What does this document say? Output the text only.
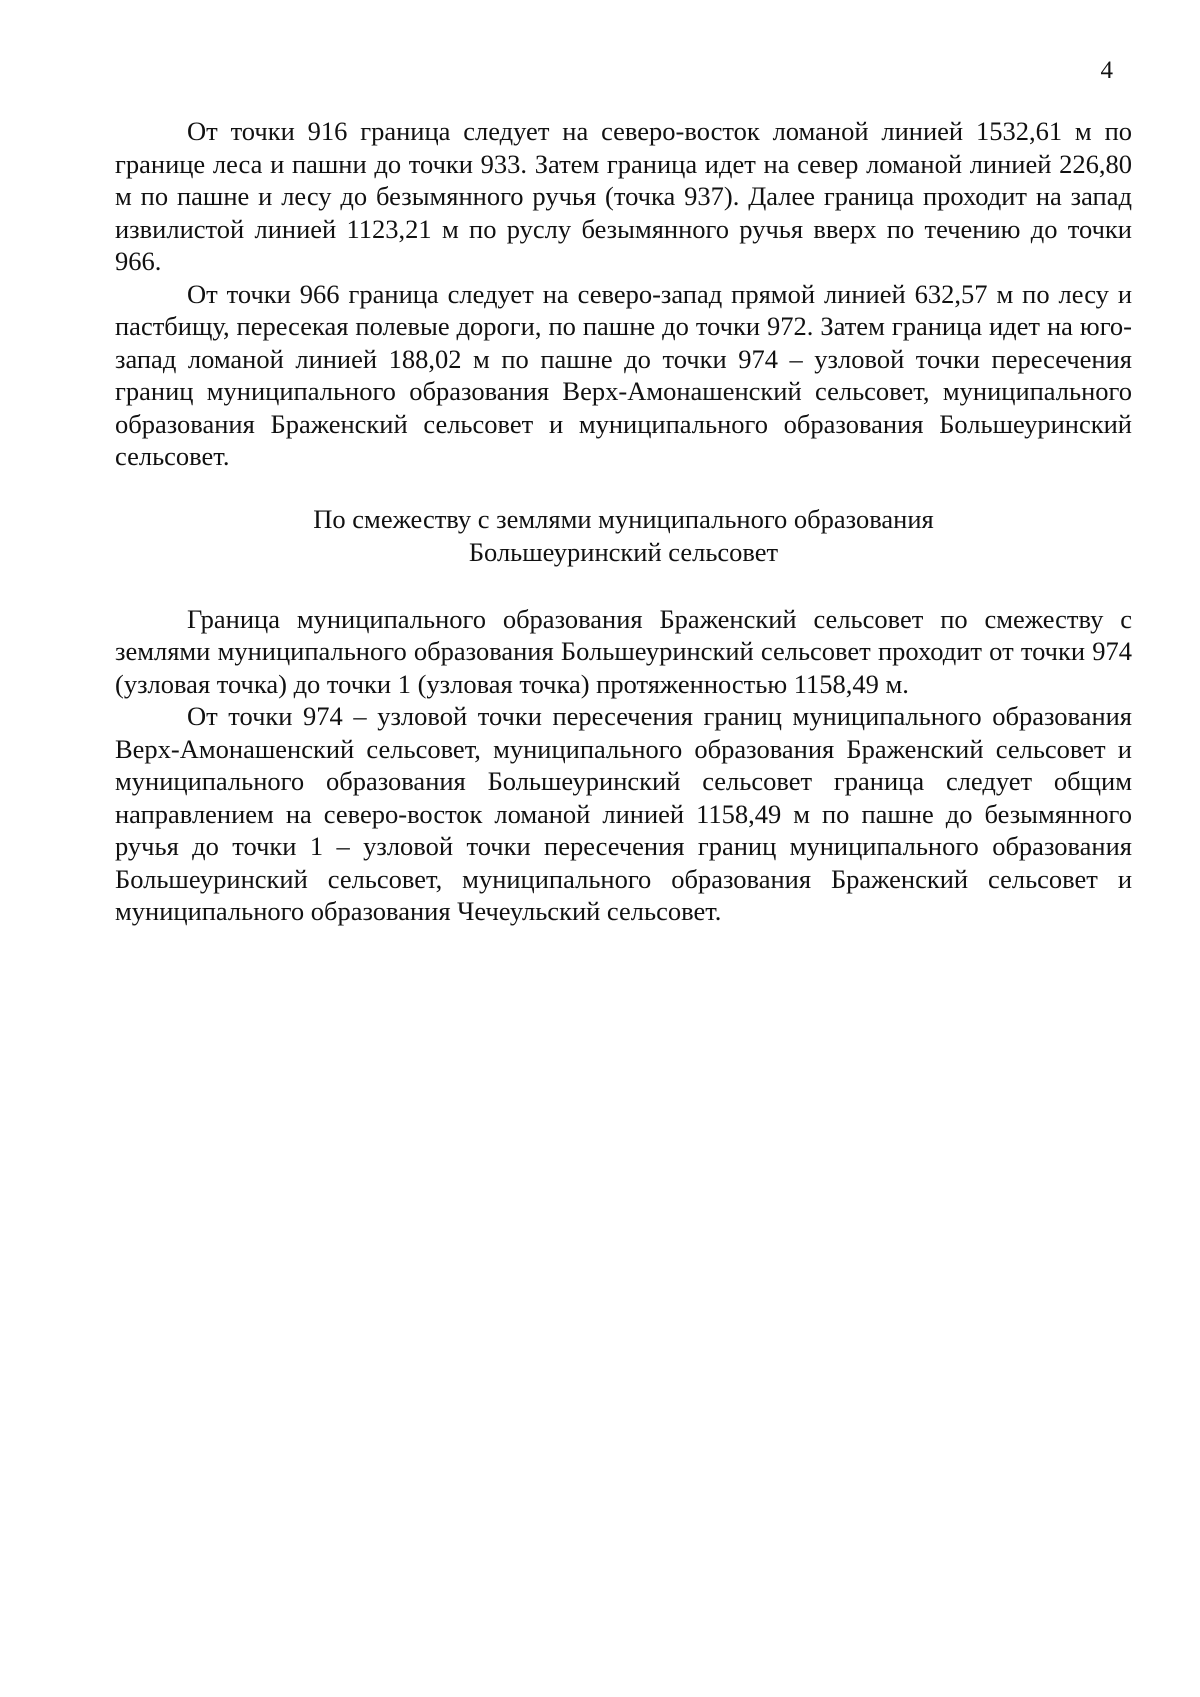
4

От точки 916 граница следует на северо-восток ломаной линией 1532,61 м по границе леса и пашни до точки 933. Затем граница идет на север ломаной линией 226,80 м по пашне и лесу до безымянного ручья (точка 937). Далее граница проходит на запад извилистой линией 1123,21 м по руслу безымянного ручья вверх по течению до точки 966.

От точки 966 граница следует на северо-запад прямой линией 632,57 м по лесу и пастбищу, пересекая полевые дороги, по пашне до точки 972. Затем граница идет на юго-запад ломаной линией 188,02 м по пашне до точки 974 – узловой точки пересечения границ муниципального образования Верх-Амонашенский сельсовет, муниципального образования Браженский сельсовет и муниципального образования Большеуринский сельсовет.

По смежеству с землями муниципального образования
Большеуринский сельсовет

Граница муниципального образования Браженский сельсовет по смежеству с землями муниципального образования Большеуринский сельсовет проходит от точки 974 (узловая точка) до точки 1 (узловая точка) протяженностью 1158,49 м.

От точки 974 – узловой точки пересечения границ муниципального образования Верх-Амонашенский сельсовет, муниципального образования Браженский сельсовет и муниципального образования Большеуринский сельсовет граница следует общим направлением на северо-восток ломаной линией 1158,49 м по пашне до безымянного ручья до точки 1 – узловой точки пересечения границ муниципального образования Большеуринский сельсовет, муниципального образования Браженский сельсовет и муниципального образования Чечеульский сельсовет.
